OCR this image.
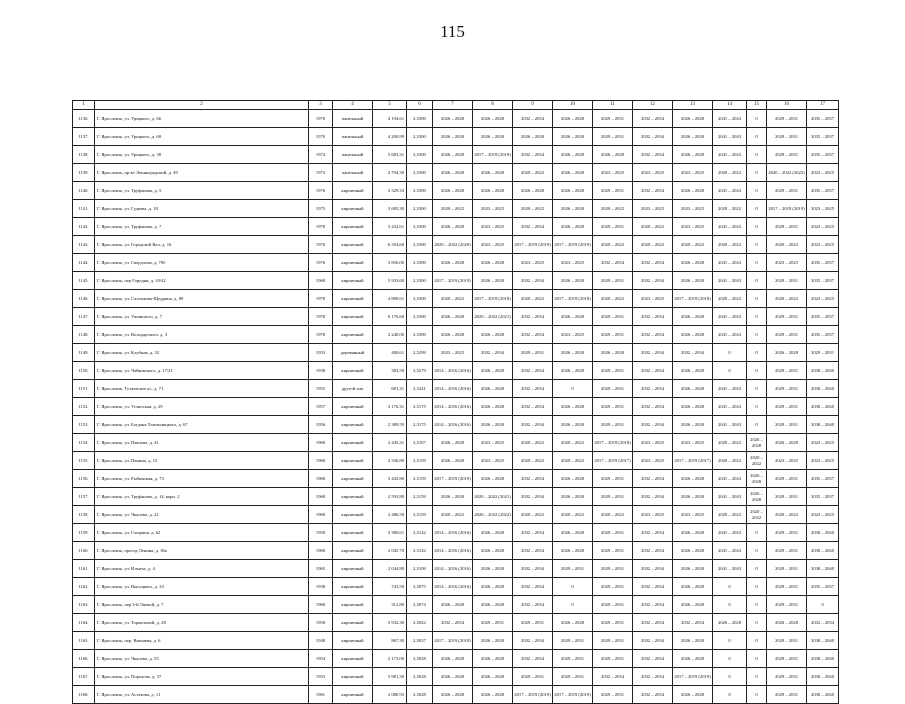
115
1	2	3	4	5	6	7	8	9	10	11	12	13	14	15	16	17
1136.	Г. Ярославль, ул. Урицкого, д. 66	1970	панельный	4 194,61	2,5300	2026 – 2028	2026 – 2028	2032 – 2034	2026 – 2028	2029 – 2031	2032 – 2034	2026 – 2028	2041 – 2043	0	2029 – 2031	2035 – 2037
1137.	Г. Ярославль, ул. Урицкого, д. 68	1970	панельный	4 200,99	2,5300	2026 – 2028	2026 – 2028	2026 – 2028	2026 – 2028	2029 – 2031	2032 – 2034	2026 – 2028	2041 – 2043	0	2029 – 2031	2035 – 2037
1138.	Г. Ярославль, ул. Урицкого, д. 38	1974	панельный	5 683,31	2,5300	2026 – 2028	2017 – 2019 (2019)	2032 – 2034	2026 – 2028	2026 – 2028	2032 – 2034	2026 – 2028	2041 – 2043	0	2029 – 2031	2035 – 2037
1139.	Г. Ярославль, пр-кт Ленинградский, д. 49	1973	панельный	2 794,30	2,5300	2026 – 2028	2026 – 2028	2020 – 2022	2026 – 2028	2023 – 2025	2023 – 2025	2023 – 2025	2020 – 2022	0	2020 – 2022 (2022)	2023 – 2025
1140.	Г. Ярославль, ул. Труфанова, д. 5	1976	кирпичный	3 329,33	2,5300	2026 – 2028	2026 – 2028	2026 – 2028	2026 – 2028	2029 – 2031	2032 – 2034	2026 – 2028	2041 – 2043	0	2029 – 2031	2035 – 2037
1141.	Г. Ярославль, ул. Гудкова, д. 18	1975	кирпичный	3 685,30	2,5300	2020 – 2022	2023 – 2025	2020 – 2022	2026 – 2028	2020 – 2022	2023 – 2025	2023 – 2025	2020 – 2022	0	2017 – 2019 (2019)	2023 – 2025
1142.	Г. Ярославль, ул. Труфанова, д. 7	1978	кирпичный	3 432,61	2,5300	2026 – 2028	2023 – 2025	2032 – 2034	2026 – 2028	2029 – 2031	2020 – 2022	2023 – 2025	2041 – 2043	0	2029 – 2031	2023 – 2025
1143.	Г. Ярославль, ул. Городской Вал, д. 16	1976	кирпичный	6 354,60	2,5300	2020 – 2022 (2020)	2023 – 2025	2017 – 2019 (2019)	2017 – 2019 (2019)	2020 – 2022	2020 – 2022	2020 – 2022	2020 – 2022	0	2020 – 2022	2023 – 2025
1144.	Г. Ярославль, ул. Свердлова, д. 79б	1976	кирпичный	3 856,00	2,5300	2026 – 2028	2026 – 2028	2023 – 2025	2023 – 2025	2032 – 2034	2032 – 2034	2026 – 2028	2041 – 2043	0	2023 – 2025	2035 – 2037
1145.	Г. Ярославль, пер Городня, д. 10/42	1968	кирпичный	5 933,60	2,5300	2017 – 2019 (2019)	2026 – 2028	2032 – 2034	2026 – 2028	2029 – 2031	2032 – 2034	2026 – 2028	2041 – 2043	0	2029 – 2031	2035 – 2037
1146.	Г. Ярославль, ул. Салтыкова-Щедрина, д. 89	1978	кирпичный	4 880,61	2,5300	2020 – 2022	2017 – 2019 (2018)	2020 – 2022	2017 – 2019 (2018)	2020 – 2022	2023 – 2025	2017 – 2019 (2018)	2020 – 2022	0	2020 – 2022	2023 – 2025
1147.	Г. Ярославль, ул. Ушинского, д. 7	1978	кирпичный	6 176,60	2,5300	2026 – 2028	2020 – 2022 (2021)	2032 – 2034	2026 – 2028	2029 – 2031	2032 – 2034	2026 – 2028	2041 – 2043	0	2029 – 2031	2035 – 2037
1148.	Г. Ярославль, ул. Володарского, д. 3	1978	кирпичный	2 240,00	2,5300	2026 – 2028	2026 – 2028	2032 – 2034	2023 – 2025	2029 – 2031	2032 – 2034	2026 – 2028	2041 – 2043	0	2029 – 2031	2035 – 2037
1149.	Г. Ярославль, ул. Клубная, д. 32	1953	деревянный	400,61	2,5299	2023 – 2025	2032 – 2034	2029 – 2031	2026 – 2028	2026 – 2028	2032 – 2034	2032 – 2034	0	0	2026 – 2028	2029 – 2031
1150.	Г. Ярославль, ул. Чайковского, д. 17/21	1938	кирпичный	383,50	2,5279	2014 – 2016 (2016)	2026 – 2028	2032 – 2034	2026 – 2028	2029 – 2031	2032 – 2034	2026 – 2028	0	0	2029 – 2031	2038 – 2040
1151.	Г. Ярославль, Тутаевское ш., д. 71	1955	другой тип	681,31	2,5241	2014 – 2016 (2016)	2026 – 2028	2032 – 2034	0	2029 – 2031	2032 – 2034	2026 – 2028	2041 – 2043	0	2029 – 2031	2038 – 2040
1152.	Г. Ярославль, ул. Угличская, д. 29	1957	кирпичный	3 176,31	2,5175	2014 – 2016 (2016)	2026 – 2028	2032 – 2034	2026 – 2028	2029 – 2031	2032 – 2034	2026 – 2028	2041 – 2043	0	2029 – 2031	2038 – 2040
1153.	Г. Ярославль, ул. Богдана Хмельницкого, д. 67	1956	кирпичный	2 389,59	2,5175	2014 – 2016 (2016)	2026 – 2028	2032 – 2034	2026 – 2028	2029 – 2031	2032 – 2034	2026 – 2028	2041 – 2043	0	2029 – 2031	2038 – 2040
1154.	Г. Ярославль, ул. Павлова, д. 41	1960	кирпичный	2 445,31	2,5167	2026 – 2028	2023 – 2025	2020 – 2022	2020 – 2022	2017 – 2019 (2018)	2023 – 2025	2023 – 2025	2020 – 2022	2026 – 2028	2026 – 2028	2023 – 2025
1155.	Г. Ярославль, ул. Панина, д. 15	1960	кирпичный	2 336,80	2,5159	2026 – 2028	2023 – 2025	2020 – 2022	2020 – 2022	2017 – 2019 (2017)	2023 – 2025	2017 – 2019 (2017)	2020 – 2022	2020 – 2022	2023 – 2025	2023 – 2025
1156.	Г. Ярославль, ул. Рыбинская, д. 73	1960	кирпичный	5 443,80	2,5159	2017 – 2019 (2019)	2026 – 2028	2032 – 2034	2026 – 2028	2029 – 2031	2032 – 2034	2026 – 2028	2041 – 2043	2026 – 2028	2029 – 2031	2035 – 2037
1157.	Г. Ярославль, ул. Труфанова, д. 14, корп. 2	1968	кирпичный	2 593,80	2,5159	2026 – 2028	2020 – 2022 (2021)	2032 – 2034	2026 – 2028	2029 – 2031	2032 – 2034	2026 – 2028	2041 – 2043	2026 – 2028	2029 – 2031	2035 – 2037
1158.	Г. Ярославль, ул. Чкалова, д. 22	1960	кирпичный	2 486,50	2,5159	2020 – 2022	2020 – 2022 (2022)	2020 – 2022	2020 – 2022	2020 – 2022	2023 – 2025	2023 – 2025	2020 – 2022	2020 – 2022	2020 – 2022	2023 – 2025
1159.	Г. Ярославль, ул. Гагарина, д. 62	1958	кирпичный	3 380,61	2,5142	2014 – 2016 (2016)	2026 – 2028	2032 – 2034	2026 – 2028	2029 – 2031	2032 – 2034	2026 – 2028	2041 – 2043	0	2029 – 2031	2038 – 2040
1160.	Г. Ярославль, проезд Ленина, д. 36а	1960	кирпичный	2 045,70	2,5142	2014 – 2016 (2016)	2026 – 2028	2032 – 2034	2026 – 2028	2029 – 2031	2032 – 2034	2026 – 2028	2041 – 2043	0	2029 – 2031	2038 – 2040
1161.	Г. Ярославль, ул. Ильича, д. 4	1965	кирпичный	2 044,80	2,5109	2014 – 2016 (2016)	2026 – 2028	2032 – 2034	2029 – 2031	2029 – 2031	2032 – 2034	2026 – 2028	2041 – 2043	0	2029 – 2031	2038 – 2040
1162.	Г. Ярославль, ул. Высоцкого, д. 33	1938	кирпичный	743,50	2,5075	2014 – 2016 (2016)	2026 – 2028	2032 – 2034	0	2029 – 2031	2032 – 2034	2026 – 2028	0	0	2029 – 2031	2035 – 2037
1163.	Г. Ярославль, пер 3-й Ляпкой, д. 7	1960	кирпичный	312,80	2,5074	2026 – 2028	2026 – 2028	2032 – 2034	0	2029 – 2031	2032 – 2034	2026 – 2028	0	0	2029 – 2031	0
1164.	Г. Ярославль, ул. Тормозовой, д. 28	1958	кирпичный	5 932,30	2,5042	2032 – 2034	2029 – 2031	2029 – 2031	2026 – 2028	2029 – 2031	2032 – 2034	2032 – 2034	2026 – 2028	0	2026 – 2028	2032 – 2034
1165.	Г. Ярославль, пер. Вишнева, д. 6	1948	кирпичный	867,30	2,5037	2017 – 2019 (2018)	2026 – 2028	2032 – 2034	2029 – 2031	2029 – 2031	2032 – 2034	2026 – 2028	0	0	2029 – 2031	2038 – 2040
1166.	Г. Ярославль, ул. Чкалова, д. 53	1954	кирпичный	2 173,00	2,5028	2026 – 2028	2026 – 2028	2032 – 2034	2029 – 2031	2029 – 2031	2032 – 2034	2026 – 2028	0	0	2029 – 2031	2038 – 2040
1167.	Г. Ярославль, ул. Порохова, д. 37	1953	кирпичный	5 981,30	2,5028	2026 – 2028	2026 – 2028	2029 – 2031	2029 – 2031	2032 – 2034	2032 – 2034	2017 – 2019 (2019)	0	0	2029 – 2031	2038 – 2040
1168.	Г. Ярославль, ул. Астахова, д. 11	1961	кирпичный	2 080,93	2,5028	2026 – 2028	2026 – 2028	2017 – 2019 (2019)	2017 – 2019 (2019)	2029 – 2031	2032 – 2034	2026 – 2028	0	0	2029 – 2031	2038 – 2040
